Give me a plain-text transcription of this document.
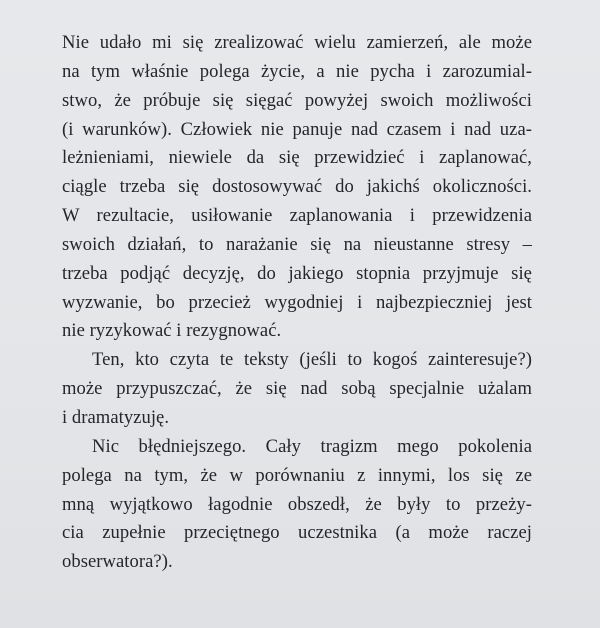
Nie udało mi się zrealizować wielu zamierzeń, ale może
na tym właśnie polega życie, a nie pycha i zarozumial-
stwo, że próbuje się sięgać powyżej swoich możliwości
(i warunków). Człowiek nie panuje nad czasem i nad uza-
leżnieniami, niewiele da się przewidzieć i zaplanować,
ciągle trzeba się dostosowywać do jakichś okoliczności.
W rezultacie, usiłowanie zaplanowania i przewidzenia
swoich działań, to narażanie się na nieustanne stresy –
trzeba podjąć decyzję, do jakiego stopnia przyjmuje się
wyzwanie, bo przecież wygodniej i najbezpieczniej jest
nie ryzykować i rezygnować.
Ten, kto czyta te teksty (jeśli to kogoś zainteresuje?)
może przypuszczać, że się nad sobą specjalnie użalam
i dramatyzuję.
Nic błędniejszego. Cały tragizm mego pokolenia
polega na tym, że w porównaniu z innymi, los się ze
mną wyjątkowo łagodnie obszedł, że były to przeży-
cia zupełnie przeciętnego uczestnika (a może raczej
obserwatora?).
